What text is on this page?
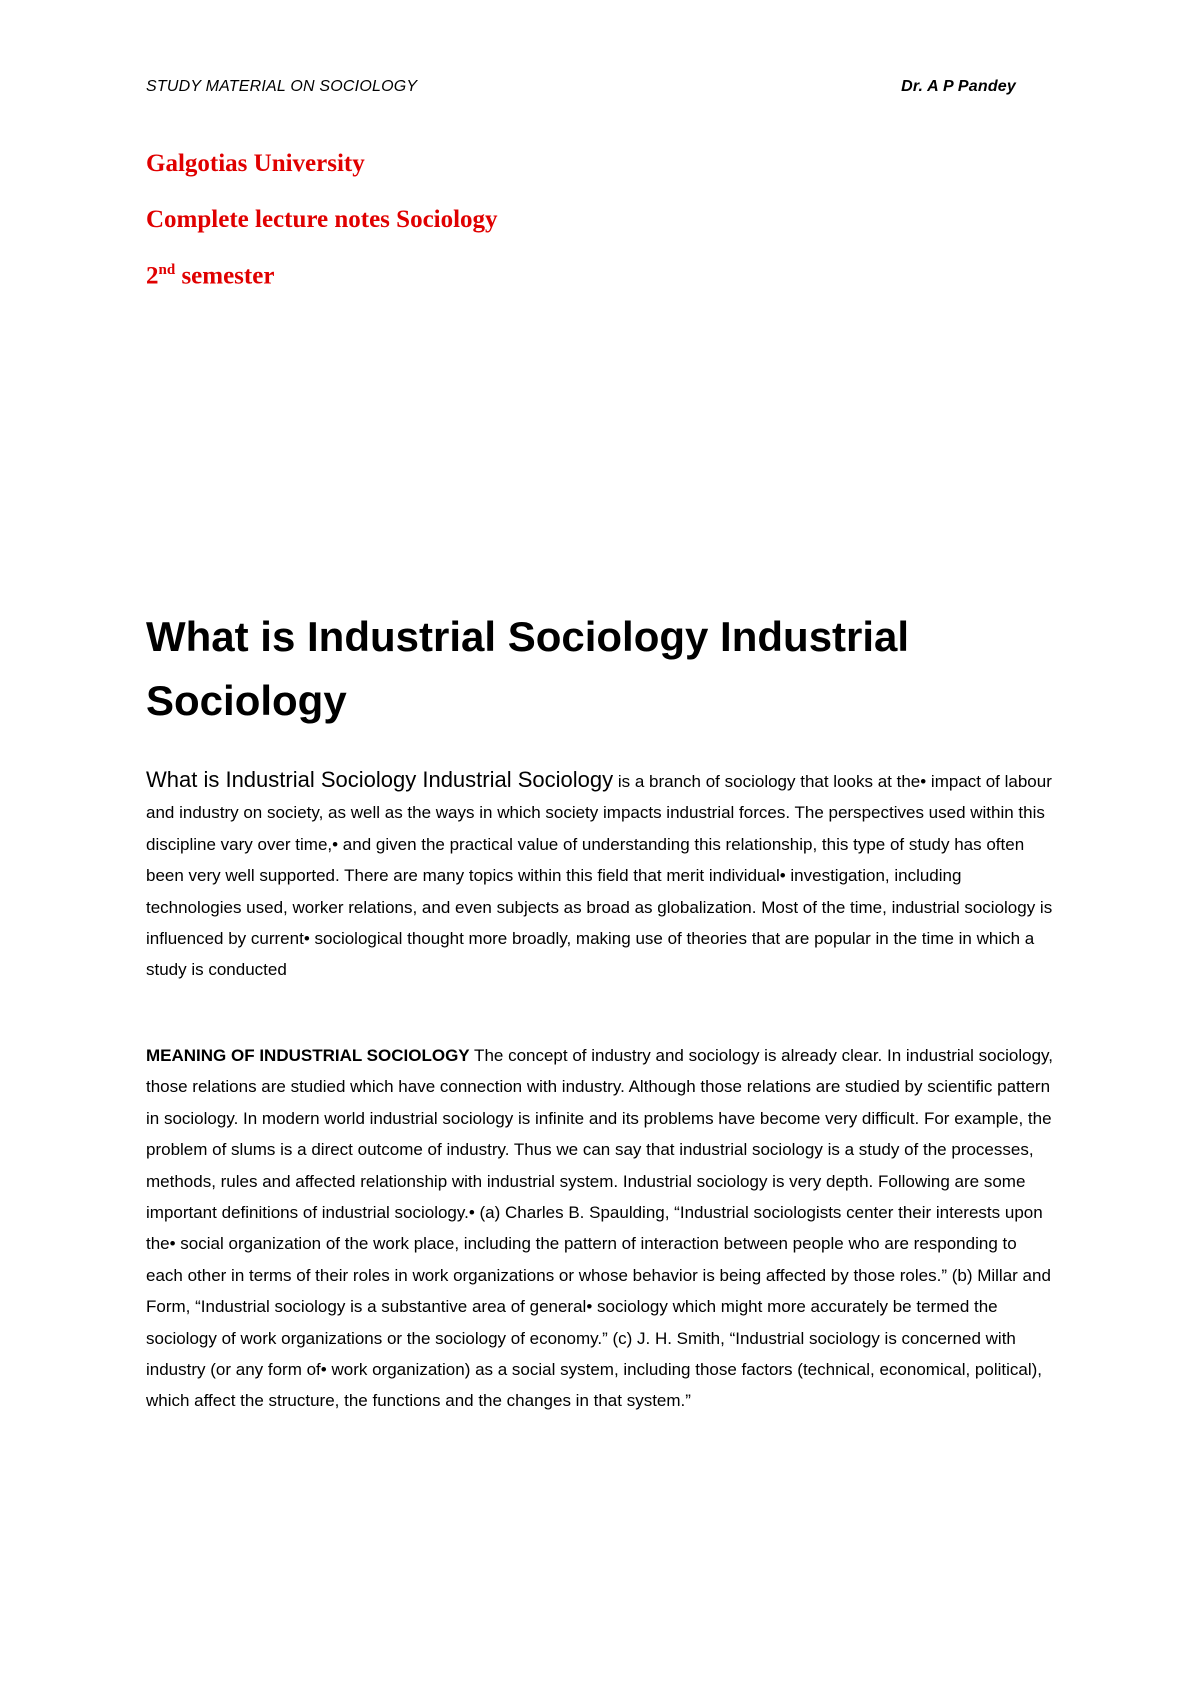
STUDY MATERIAL ON SOCIOLOGY	Dr. A P Pandey
Galgotias University
Complete lecture notes Sociology
2nd semester
What is Industrial Sociology Industrial Sociology

What is Industrial Sociology Industrial Sociology is a branch of sociology that looks at the• impact of labour and industry on society, as well as the ways in which society impacts industrial forces. The perspectives used within this discipline vary over time,• and given the practical value of understanding this relationship, this type of study has often been very well supported. There are many topics within this field that merit individual• investigation, including technologies used, worker relations, and even subjects as broad as globalization. Most of the time, industrial sociology is influenced by current• sociological thought more broadly, making use of theories that are popular in the time in which a study is conducted

MEANING OF INDUSTRIAL SOCIOLOGY The concept of industry and sociology is already clear. In industrial sociology, those relations are studied which have connection with industry. Although those relations are studied by scientific pattern in sociology. In modern world industrial sociology is infinite and its problems have become very difficult. For example, the problem of slums is a direct outcome of industry. Thus we can say that industrial sociology is a study of the processes, methods, rules and affected relationship with industrial system. Industrial sociology is very depth. Following are some important definitions of industrial sociology.• (a) Charles B. Spaulding, “Industrial sociologists center their interests upon the• social organization of the work place, including the pattern of interaction between people who are responding to each other in terms of their roles in work organizations or whose behavior is being affected by those roles.” (b) Millar and Form, “Industrial sociology is a substantive area of general• sociology which might more accurately be termed the sociology of work organizations or the sociology of economy.” (c) J. H. Smith, “Industrial sociology is concerned with industry (or any form of• work organization) as a social system, including those factors (technical, economical, political), which affect the structure, the functions and the changes in that system.”
